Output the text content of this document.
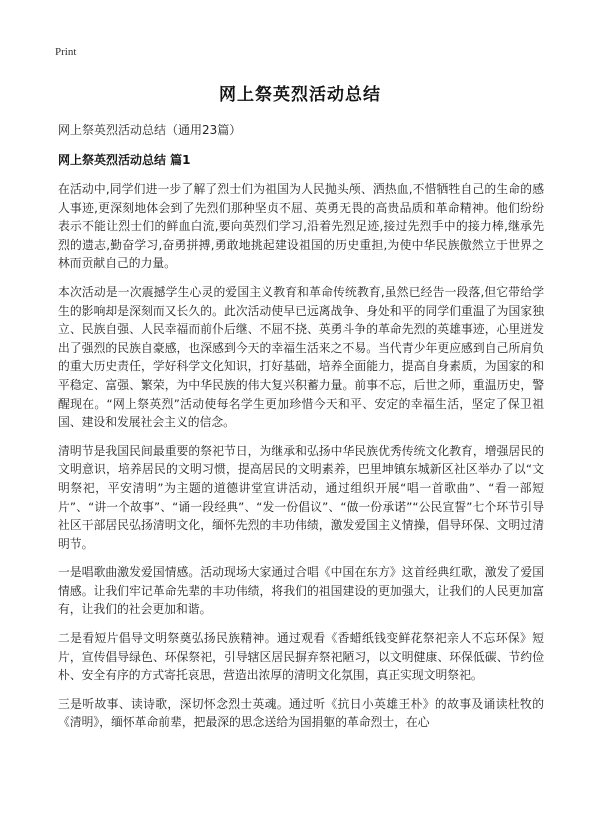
Print
网上祭英烈活动总结
网上祭英烈活动总结（通用23篇）
网上祭英烈活动总结 篇1

在活动中,同学们进一步了解了烈士们为祖国为人民抛头颅、洒热血,不惜牺牲自己的生命的感人事迹,更深刻地体会到了先烈们那种坚贞不屈、英勇无畏的高贵品质和革命精神。他们纷纷表示不能让烈士们的鲜血白流,要向英烈们学习,沿着先烈足迹,接过先烈手中的接力棒,继承先烈的遗志,勤奋学习,奋勇拼搏,勇敢地挑起建设祖国的历史重担,为使中华民族傲然立于世界之林而贡献自己的力量。

本次活动是一次震撼学生心灵的爱国主义教育和革命传统教育,虽然已经告一段落,但它带给学生的影响却是深刻而又长久的。此次活动使早已远离战争、身处和平的同学们重温了为国家独立、民族自强、人民幸福而前仆后继、不屈不挠、英勇斗争的革命先烈的英雄事迹，心里迸发出了强烈的民族自豪感，也深感到今天的幸福生活来之不易。当代青少年更应感到自己所肩负的重大历史责任，学好科学文化知识，打好基础，培养全面能力，提高自身素质，为国家的和平稳定、富强、繁荣，为中华民族的伟大复兴积蓄力量。前事不忘，后世之师，重温历史，警醒现在。“网上祭英烈”活动使每名学生更加珍惜今天和平、安定的幸福生活，坚定了保卫祖国、建设和发展社会主义的信念。

清明节是我国民间最重要的祭祀节日，为继承和弘扬中华民族优秀传统文化教育，增强居民的文明意识，培养居民的文明习惯，提高居民的文明素养，巴里坤镇东城新区社区举办了以“文明祭祀，平安清明”为主题的道德讲堂宣讲活动，通过组织开展“唱一首歌曲”、“看一部短片”、“讲一个故事”、“诵一段经典”、“发一份倡议”、“做一份承诺”“公民宣誓”七个环节引导社区干部居民弘扬清明文化，缅怀先烈的丰功伟绩，激发爱国主义情操，倡导环保、文明过清明节。

一是唱歌曲激发爱国情感。活动现场大家通过合唱《中国在东方》这首经典红歌，激发了爱国情感。让我们牢记革命先辈的丰功伟绩，将我们的祖国建设的更加强大，让我们的人民更加富有，让我们的社会更加和谐。

二是看短片倡导文明祭奠弘扬民族精神。通过观看《香蜡纸钱变鲜花祭祀亲人不忘环保》短片，宣传倡导绿色、环保祭祀，引导辖区居民摒弃祭祀陋习，以文明健康、环保低碳、节约俭朴、安全有序的方式寄托哀思，营造出浓厚的清明文化氛围，真正实现文明祭祀。

三是听故事、读诗歌，深切怀念烈士英魂。通过听《抗日小英雄王朴》的故事及诵读杜牧的《清明》，缅怀革命前辈，把最深的思念送给为国捐躯的革命烈士，在心
